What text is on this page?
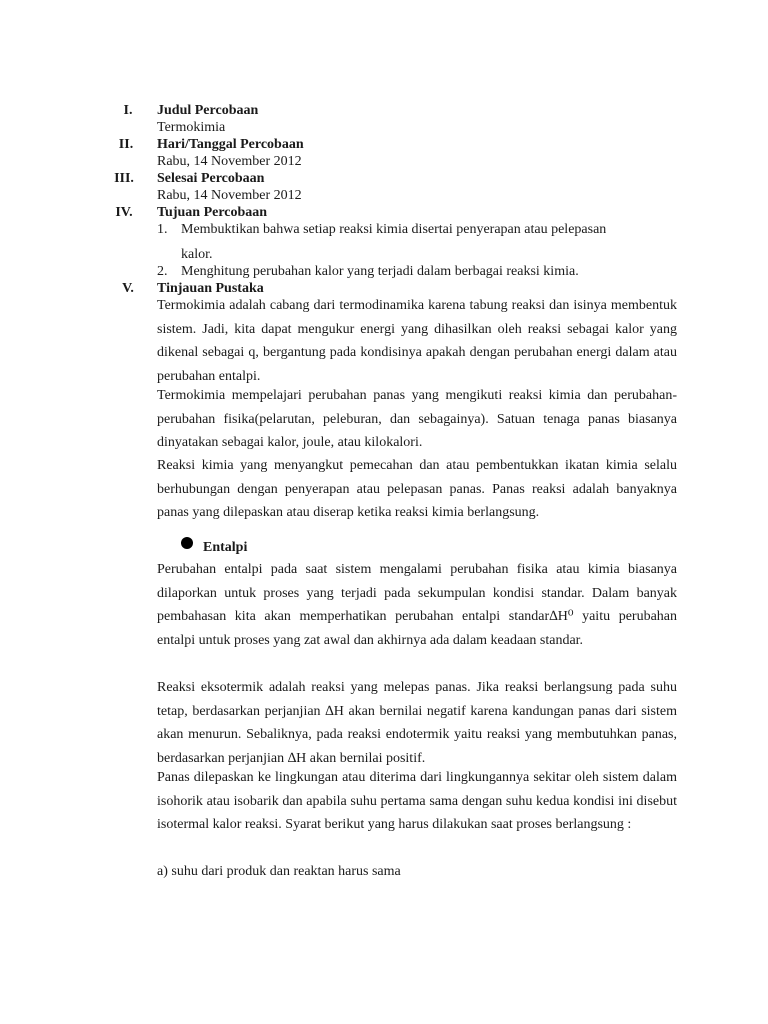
I.	Judul Percobaan
Termokimia
II.	Hari/Tanggal Percobaan
Rabu, 14 November 2012
III.	Selesai Percobaan
Rabu, 14 November 2012
IV.	Tujuan Percobaan
1. Membuktikan bahwa setiap reaksi kimia disertai penyerapan atau pelepasan
kalor.
2. Menghitung perubahan kalor yang terjadi dalam berbagai reaksi kimia.
V.	Tinjauan Pustaka
Termokimia adalah cabang dari termodinamika karena tabung reaksi dan isinya membentuk sistem. Jadi, kita dapat mengukur energi yang dihasilkan oleh reaksi sebagai kalor yang dikenal sebagai q, bergantung pada kondisinya apakah dengan perubahan energi dalam atau perubahan entalpi.
Termokimia mempelajari perubahan panas yang mengikuti reaksi kimia dan perubahan-perubahan fisika(pelarutan, peleburan, dan sebagainya). Satuan tenaga panas biasanya dinyatakan sebagai kalor, joule, atau kilokalori.
Reaksi kimia yang menyangkut pemecahan dan atau pembentukkan ikatan kimia selalu berhubungan dengan penyerapan atau pelepasan panas. Panas reaksi adalah banyaknya panas yang dilepaskan atau diserap ketika reaksi kimia berlangsung.
Entalpi
Perubahan entalpi pada saat sistem mengalami perubahan fisika atau kimia biasanya dilaporkan untuk proses yang terjadi pada sekumpulan kondisi standar. Dalam banyak pembahasan kita akan memperhatikan perubahan entalpi standar∆H⁰ yaitu perubahan entalpi untuk proses yang zat awal dan akhirnya ada dalam keadaan standar.
Reaksi eksotermik adalah reaksi yang melepas panas. Jika reaksi berlangsung pada suhu tetap, berdasarkan perjanjian ∆H akan bernilai negatif karena kandungan panas dari sistem akan menurun. Sebaliknya, pada reaksi endotermik yaitu reaksi yang membutuhkan panas, berdasarkan perjanjian ∆H akan bernilai positif.
Panas dilepaskan ke lingkungan atau diterima dari lingkungannya sekitar oleh sistem dalam isohorik atau isobarik dan apabila suhu pertama sama dengan suhu kedua kondisi ini disebut isotermal kalor reaksi. Syarat berikut yang harus dilakukan saat proses berlangsung :
a) suhu dari produk dan reaktan harus sama
